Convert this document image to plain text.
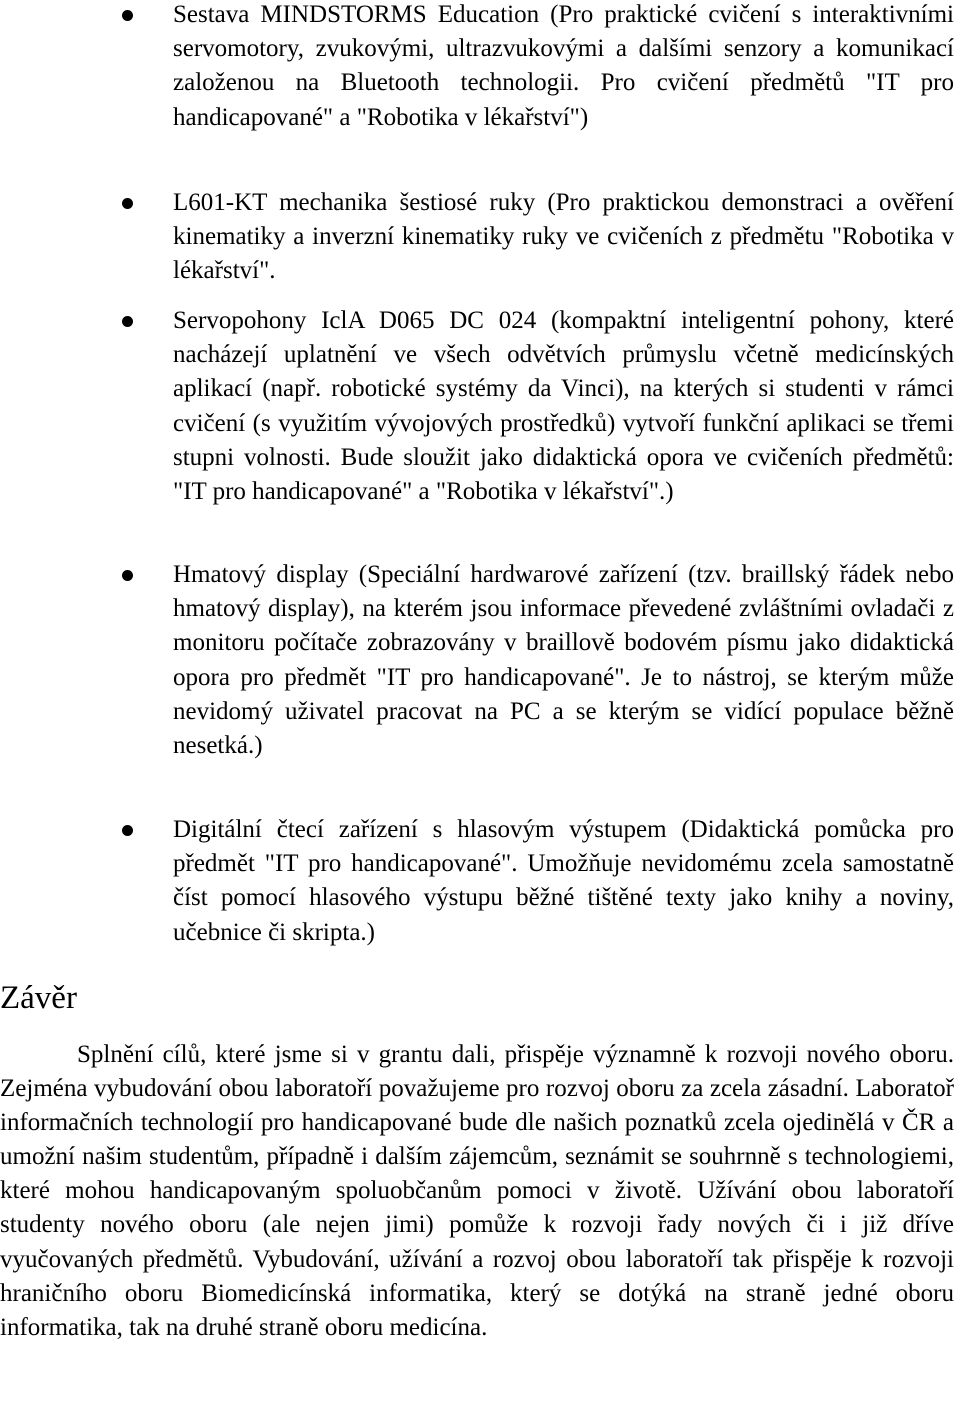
Sestava MINDSTORMS Education (Pro praktické cvičení s interaktivními servomotory, zvukovými, ultrazvukovými a dalšími senzory a komunikací založenou na Bluetooth technologii. Pro cvičení předmětů "IT pro handicapované" a "Robotika v lékařství")
L601-KT mechanika šestiosé ruky (Pro praktickou demonstraci a ověření kinematiky a inverzní kinematiky ruky ve cvičeních z předmětu "Robotika v lékařství".
Servopohony IclA D065 DC 024 (kompaktní inteligentní pohony, které nacházejí uplatnění ve všech odvětvích průmyslu včetně medicínských aplikací (např. robotické systémy da Vinci), na kterých si studenti v rámci cvičení (s využitím vývojových prostředků) vytvoří funkční aplikaci se třemi stupni volnosti. Bude sloužit jako didaktická opora ve cvičeních předmětů: "IT pro handicapované" a "Robotika v lékařství".)
Hmatový display (Speciální hardwarové zařízení (tzv. braillský řádek nebo hmatový display), na kterém jsou informace převedené zvláštními ovladači z monitoru počítače zobrazovány v braillově bodovém písmu jako didaktická opora pro předmět "IT pro handicapované". Je to nástroj, se kterým může nevidomý uživatel pracovat na PC a se kterým se vidící populace běžně nesetká.)
Digitální čtecí zařízení s hlasovým výstupem (Didaktická pomůcka pro předmět "IT pro handicapované". Umožňuje nevidomému zcela samostatně číst pomocí hlasového výstupu běžné tištěné texty jako knihy a noviny, učebnice či skripta.)
Závěr

Splnění cílů, které jsme si v grantu dali, přispěje významně k rozvoji nového oboru. Zejména vybudování obou laboratoří považujeme pro rozvoj oboru za zcela zásadní. Laboratoř informačních technologií pro handicapované bude dle našich poznatků zcela ojedinělá v ČR a umožní našim studentům, případně i dalším zájemcům, seznámit se souhrnně s technologiemi, které mohou handicapovaným spoluobčanům pomoci v životě. Užívání obou laboratoří studenty nového oboru (ale nejen jimi) pomůže k rozvoji řady nových či i již dříve vyučovaných předmětů. Vybudování, užívání a rozvoj obou laboratoří tak přispěje k rozvoji hraničního oboru Biomedicínská informatika, který se dotýká na straně jedné oboru informatika, tak na druhé straně oboru medicína.
